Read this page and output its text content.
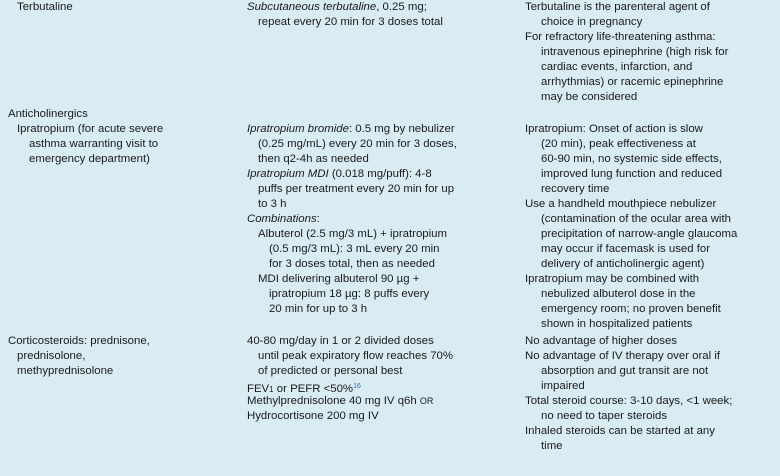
Terbutaline	Subcutaneous terbutaline, 0.25 mg;
repeat every 20 min for 3 doses total
Terbutaline is the parenteral agent of
choice in pregnancy
For refractory life-threatening asthma:
intravenous epinephrine (high risk for
cardiac events, infarction, and
arrhythmias) or racemic epinephrine
may be considered
Anticholinergics
Ipratropium (for acute severe
asthma warranting visit to
emergency department)
Ipratropium bromide: 0.5 mg by nebulizer
(0.25 mg/mL) every 20 min for 3 doses,
then q2-4h as needed
Ipratropium MDI (0.018 mg/puff): 4-8
puffs per treatment every 20 min for up
to 3 h
Combinations:
Albuterol (2.5 mg/3 mL) + ipratropium
(0.5 mg/3 mL): 3 mL every 20 min
for 3 doses total, then as needed
MDI delivering albuterol 90 µg +
ipratropium 18 µg: 8 puffs every
20 min for up to 3 h
Ipratropium: Onset of action is slow
(20 min), peak effectiveness at
60-90 min, no systemic side effects,
improved lung function and reduced
recovery time
Use a handheld mouthpiece nebulizer
(contamination of the ocular area with
precipitation of narrow-angle glaucoma
may occur if facemask is used for
delivery of anticholinergic agent)
Ipratropium may be combined with
nebulized albuterol dose in the
emergency room; no proven benefit
shown in hospitalized patients
Corticosteroids: prednisone,
prednisolone,
methyprednisolone
40-80 mg/day in 1 or 2 divided doses
until peak expiratory flow reaches 70%
of predicted or personal best
FEV1 or PEFR <50%$^{16}$
Methylprednisolone 40 mg IV q6h OR
Hydrocortisone 200 mg IV
No advantage of higher doses
No advantage of IV therapy over oral if
absorption and gut transit are not
impaired
Total steroid course: 3-10 days, <1 week;
no need to taper steroids
Inhaled steroids can be started at any
time
